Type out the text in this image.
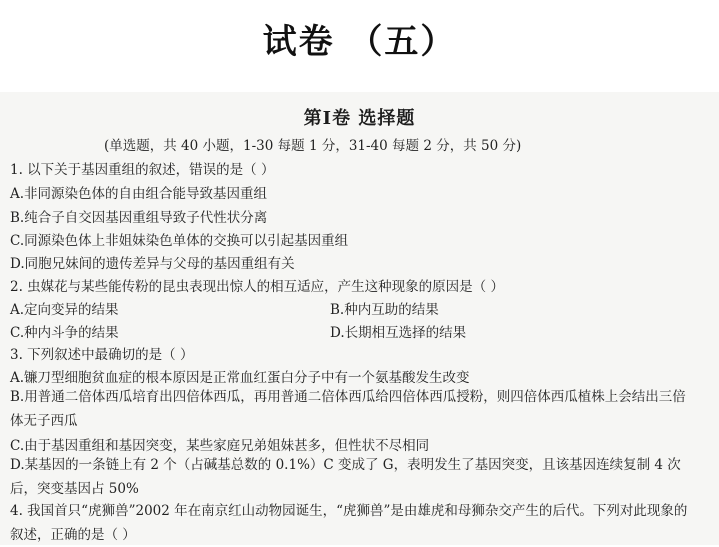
试卷 （五）
第I卷 选择题
(单选题，共 40 小题，1-30 每题 1 分，31-40 每题 2 分，共 50 分)
1. 以下关于基因重组的叙述，错误的是（ ）
A.非同源染色体的自由组合能导致基因重组
B.纯合子自交因基因重组导致子代性状分离
C.同源染色体上非姐妹染色单体的交换可以引起基因重组
D.同胞兄妹间的遗传差异与父母的基因重组有关
2. 虫媒花与某些能传粉的昆虫表现出惊人的相互适应，产生这种现象的原因是（ ）
A.定向变异的结果	B.种内互助的结果
C.种内斗争的结果	D.长期相互选择的结果
3. 下列叙述中最确切的是（ ）
A.镰刀型细胞贫血症的根本原因是正常血红蛋白分子中有一个氨基酸发生改变
B.用普通二倍体西瓜培育出四倍体西瓜，再用普通二倍体西瓜给四倍体西瓜授粉，则四倍体西瓜植株上会结出三倍体无子西瓜
C.由于基因重组和基因突变，某些家庭兄弟姐妹甚多，但性状不尽相同
D.某基因的一条链上有 2 个（占碱基总数的 0.1%）C 变成了 G，表明发生了基因突变，且该基因连续复制 4 次后，突变基因占 50%
4. 我国首只“虎狮兽”2002 年在南京红山动物园诞生，“虎狮兽”是由雄虎和母狮杂交产生的后代。下列对此现象的叙述，正确的是（ ）
